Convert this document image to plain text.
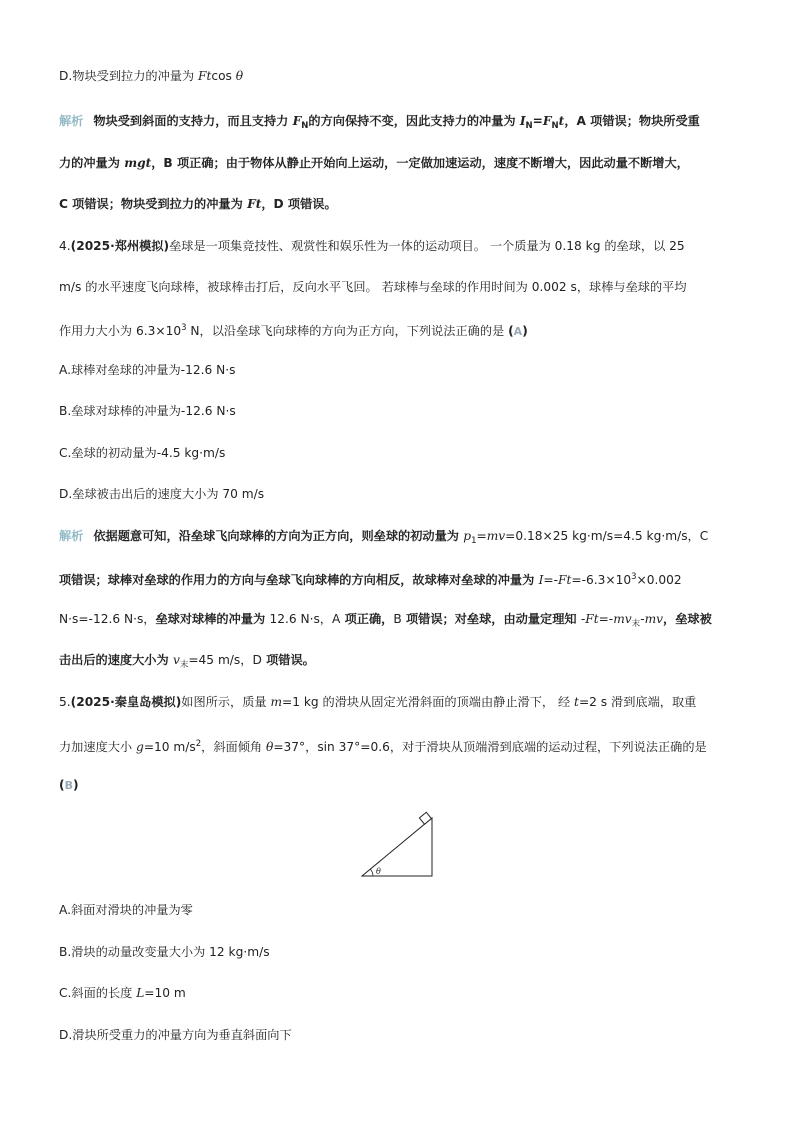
D.物块受到拉力的冲量为 Ftcos θ
解析 物块受到斜面的支持力，而且支持力 $F_N$的方向保持不变，因此支持力的冲量为 $I_N=F_Nt$，A 项错误；物块所受重
力的冲量为 mgt，B 项正确；由于物体从静止开始向上运动，一定做加速运动，速度不断增大，因此动量不断增大，
C 项错误；物块受到拉力的冲量为 Ft，D 项错误。
4.(2025·郑州模拟)垒球是一项集竞技性、观赏性和娱乐性为一体的运动项目。 一个质量为 0.18 kg 的垒球，以 25
m/s 的水平速度飞向球棒，被球棒击打后，反向水平飞回。 若球棒与垒球的作用时间为 0.002 s，球棒与垒球的平均
作用力大小为 $6.3\times 10^3$ N，以沿垒球飞向球棒的方向为正方向，下列说法正确的是 (A)
A.球棒对垒球的冲量为-12.6 N·s
B.垒球对球棒的冲量为-12.6 N·s
C.垒球的初动量为-4.5 kg·m/s
D.垒球被击出后的速度大小为 70 m/s
解析 依据题意可知，沿垒球飞向球棒的方向为正方向，则垒球的初动量为 $p_1=mv=0.18\times 25$ kg·m/s=4.5 kg·m/s，C
项错误；球棒对垒球的作用力的方向与垒球飞向球棒的方向相反，故球棒对垒球的冲量为 $I=-Ft=-6.3\times 10^3\times 0.002$
N·s=-12.6 N·s，垒球对球棒的冲量为 12.6 N·s，A 项正确，B 项错误；对垒球，由动量定理知 $-Ft=-mv_末-mv$，垒球被
击出后的速度大小为 $v_末=45$ m/s，D 项错误。
5.(2025·秦皇岛模拟)如图所示，质量 m=1 kg 的滑块从固定光滑斜面的顶端由静止滑下， 经 t=2 s 滑到底端，取重
力加速度大小 g=10 $m/s^2$，斜面倾角 θ=37°，sin 37°=0.6，对于滑块从顶端滑到底端的运动过程，下列说法正确的是
(B)
θ
A.斜面对滑块的冲量为零
B.滑块的动量改变量大小为 12 kg·m/s
C.斜面的长度 L=10 m
D.滑块所受重力的冲量方向为垂直斜面向下
